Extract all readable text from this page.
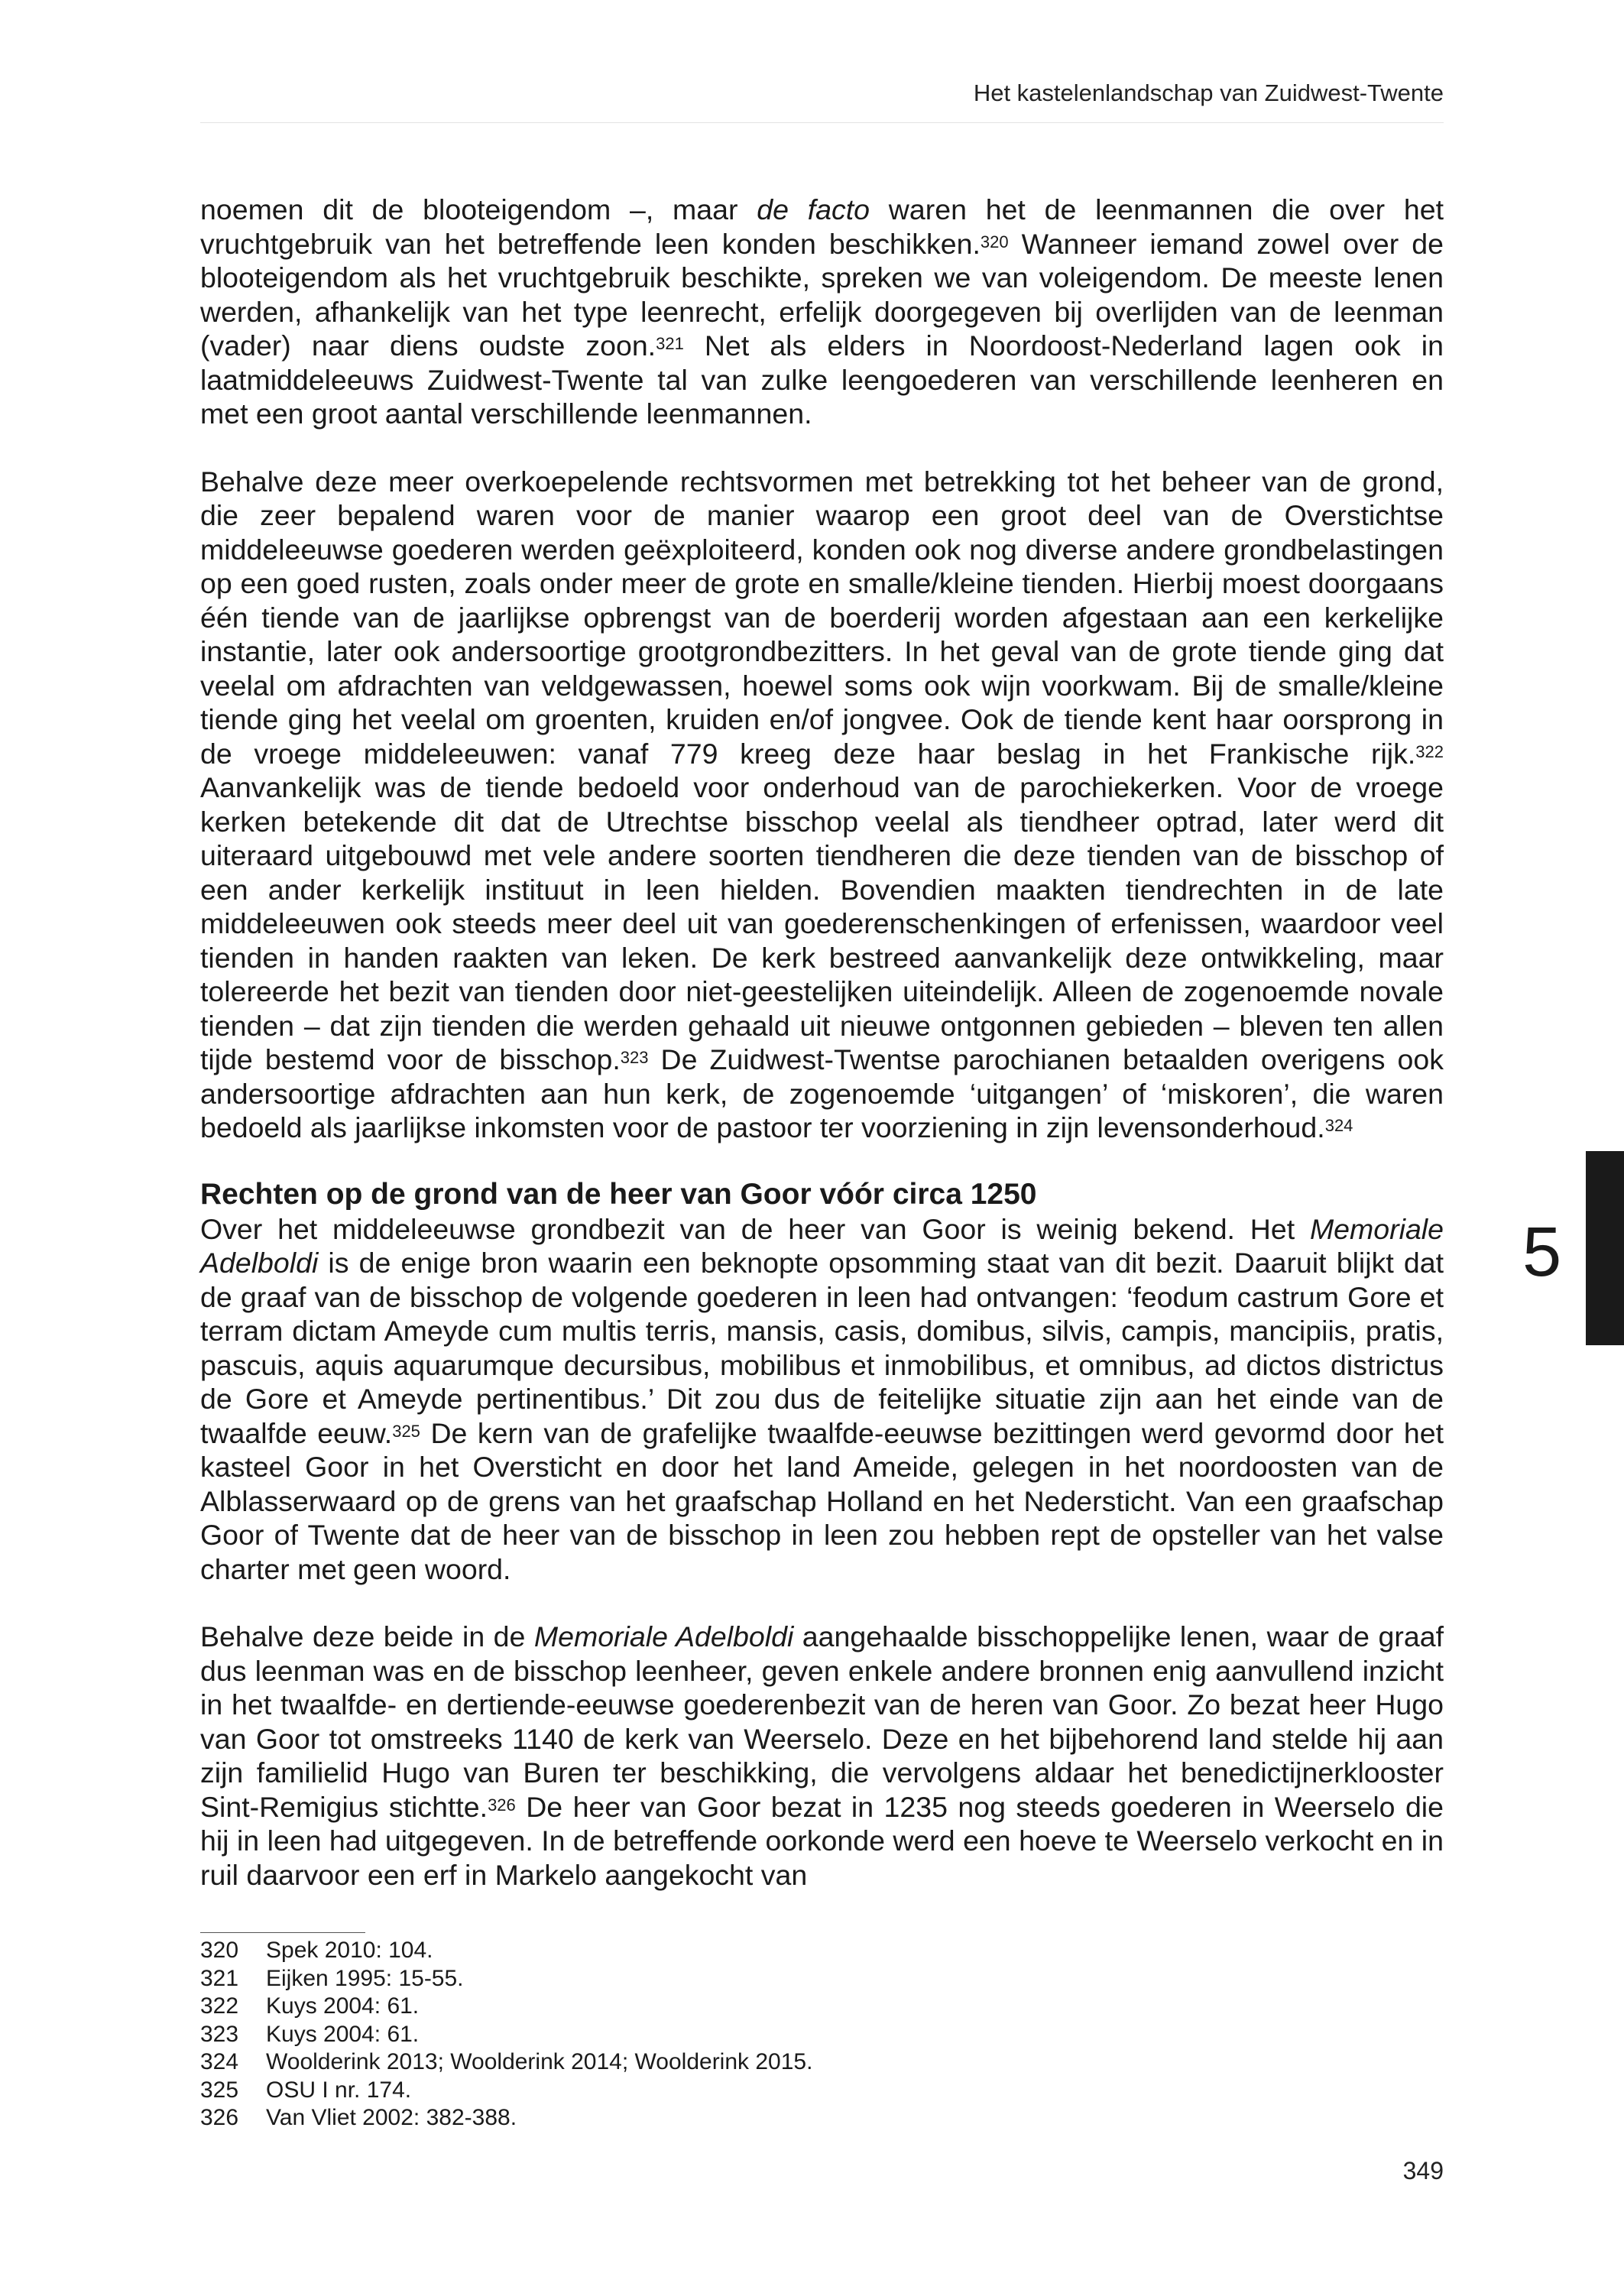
Het kastelenlandschap van Zuidwest-Twente
5

noemen dit de blooteigendom –, maar de facto waren het de leenmannen die over het vruchtgebruik van het betreffende leen konden beschikken.$^{320}$ Wanneer iemand zowel over de blooteigendom als het vruchtgebruik beschikte, spreken we van voleigendom. De meeste lenen werden, afhankelijk van het type leenrecht, erfelijk doorgegeven bij overlijden van de leenman (vader) naar diens oudste zoon.$^{321}$ Net als elders in Noordoost-Nederland lagen ook in laatmiddeleeuws Zuidwest-Twente tal van zulke leengoederen van verschillende leenheren en met een groot aantal verschillende leenmannen.

Behalve deze meer overkoepelende rechtsvormen met betrekking tot het beheer van de grond, die zeer bepalend waren voor de manier waarop een groot deel van de Overstichtse middeleeuwse goederen werden geëxploiteerd, konden ook nog diverse andere grondbelastingen op een goed rusten, zoals onder meer de grote en smalle/kleine tienden. Hierbij moest doorgaans één tiende van de jaarlijkse opbrengst van de boerderij worden afgestaan aan een kerkelijke instantie, later ook andersoortige grootgrondbezitters. In het geval van de grote tiende ging dat veelal om afdrachten van veldgewassen, hoewel soms ook wijn voorkwam. Bij de smalle/kleine tiende ging het veelal om groenten, kruiden en/of jongvee. Ook de tiende kent haar oorsprong in de vroege middeleeuwen: vanaf 779 kreeg deze haar beslag in het Frankische rijk.$^{322}$ Aanvankelijk was de tiende bedoeld voor onderhoud van de parochiekerken. Voor de vroege kerken betekende dit dat de Utrechtse bisschop veelal als tiendheer optrad, later werd dit uiteraard uitgebouwd met vele andere soorten tiendheren die deze tienden van de bisschop of een ander kerkelijk instituut in leen hielden. Bovendien maakten tiendrechten in de late middeleeuwen ook steeds meer deel uit van goederenschenkingen of erfenissen, waardoor veel tienden in handen raakten van leken. De kerk bestreed aanvankelijk deze ontwikkeling, maar tolereerde het bezit van tienden door niet-geestelijken uiteindelijk. Alleen de zogenoemde novale tienden – dat zijn tienden die werden gehaald uit nieuwe ontgonnen gebieden – bleven ten allen tijde bestemd voor de bisschop.$^{323}$ De Zuidwest-Twentse parochianen betaalden overigens ook andersoortige afdrachten aan hun kerk, de zogenoemde ‘uitgangen’ of ‘miskoren’, die waren bedoeld als jaarlijkse inkomsten voor de pastoor ter voorziening in zijn levensonderhoud.$^{324}$

Rechten op de grond van de heer van Goor vóór circa 1250

Over het middeleeuwse grondbezit van de heer van Goor is weinig bekend. Het Memoriale Adelboldi is de enige bron waarin een beknopte opsomming staat van dit bezit. Daaruit blijkt dat de graaf van de bisschop de volgende goederen in leen had ontvangen: ‘feodum castrum Gore et terram dictam Ameyde cum multis terris, mansis, casis, domibus, silvis, campis, mancipiis, pratis, pascuis, aquis aquarumque decursibus, mobilibus et inmobilibus, et omnibus, ad dictos districtus de Gore et Ameyde pertinentibus.’ Dit zou dus de feitelijke situatie zijn aan het einde van de twaalfde eeuw.$^{325}$ De kern van de grafelijke twaalfde-eeuwse bezittingen werd gevormd door het kasteel Goor in het Oversticht en door het land Ameide, gelegen in het noordoosten van de Alblasserwaard op de grens van het graafschap Holland en het Nedersticht. Van een graafschap Goor of Twente dat de heer van de bisschop in leen zou hebben rept de opsteller van het valse charter met geen woord.

Behalve deze beide in de Memoriale Adelboldi aangehaalde bisschoppelijke lenen, waar de graaf dus leenman was en de bisschop leenheer, geven enkele andere bronnen enig aanvullend inzicht in het twaalfde- en dertiende-eeuwse goederenbezit van de heren van Goor. Zo bezat heer Hugo van Goor tot omstreeks 1140 de kerk van Weerselo. Deze en het bijbehorend land stelde hij aan zijn familielid Hugo van Buren ter beschikking, die vervolgens aldaar het benedictijnerklooster Sint-Remigius stichtte.$^{326}$ De heer van Goor bezat in 1235 nog steeds goederen in Weerselo die hij in leen had uitgegeven. In de betreffende oorkonde werd een hoeve te Weerselo verkocht en in ruil daarvoor een erf in Markelo aangekocht van

320	Spek 2010: 104.
321	Eijken 1995: 15-55.
322	Kuys 2004: 61.
323	Kuys 2004: 61.
324	Woolderink 2013; Woolderink 2014; Woolderink 2015.
325	OSU I nr. 174.
326	Van Vliet 2002: 382-388.
349
